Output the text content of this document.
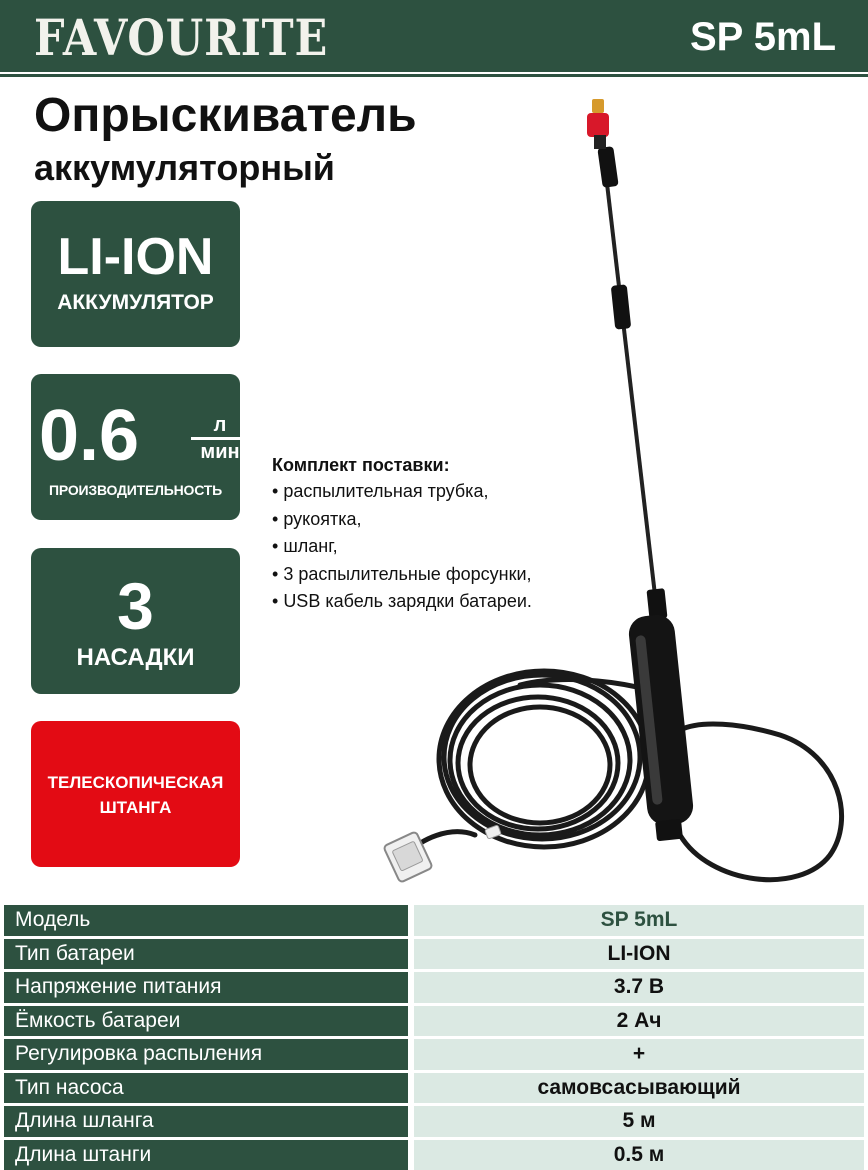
FAVOURITE	SP 5mL
Опрыскиватель
аккумуляторный
LI-ION
АККУМУЛЯТОР
0.6	л
мин
ПРОИЗВОДИТЕЛЬНОСТЬ
3
НАСАДКИ
ТЕЛЕСКОПИЧЕСКАЯ
ШТАНГА
Комплект поставки:
• распылительная трубка,
• рукоятка,
• шланг,
• 3 распылительные форсунки,
• USB кабель зарядки батареи.
Модель		SP 5mL
Тип батареи		LI-ION
Напряжение питания		3.7 В
Ёмкость батареи		2 Ач
Регулировка распыления		+
Тип насоса		самовсасывающий
Длина шланга		5 м
Длина штанги		0.5 м
